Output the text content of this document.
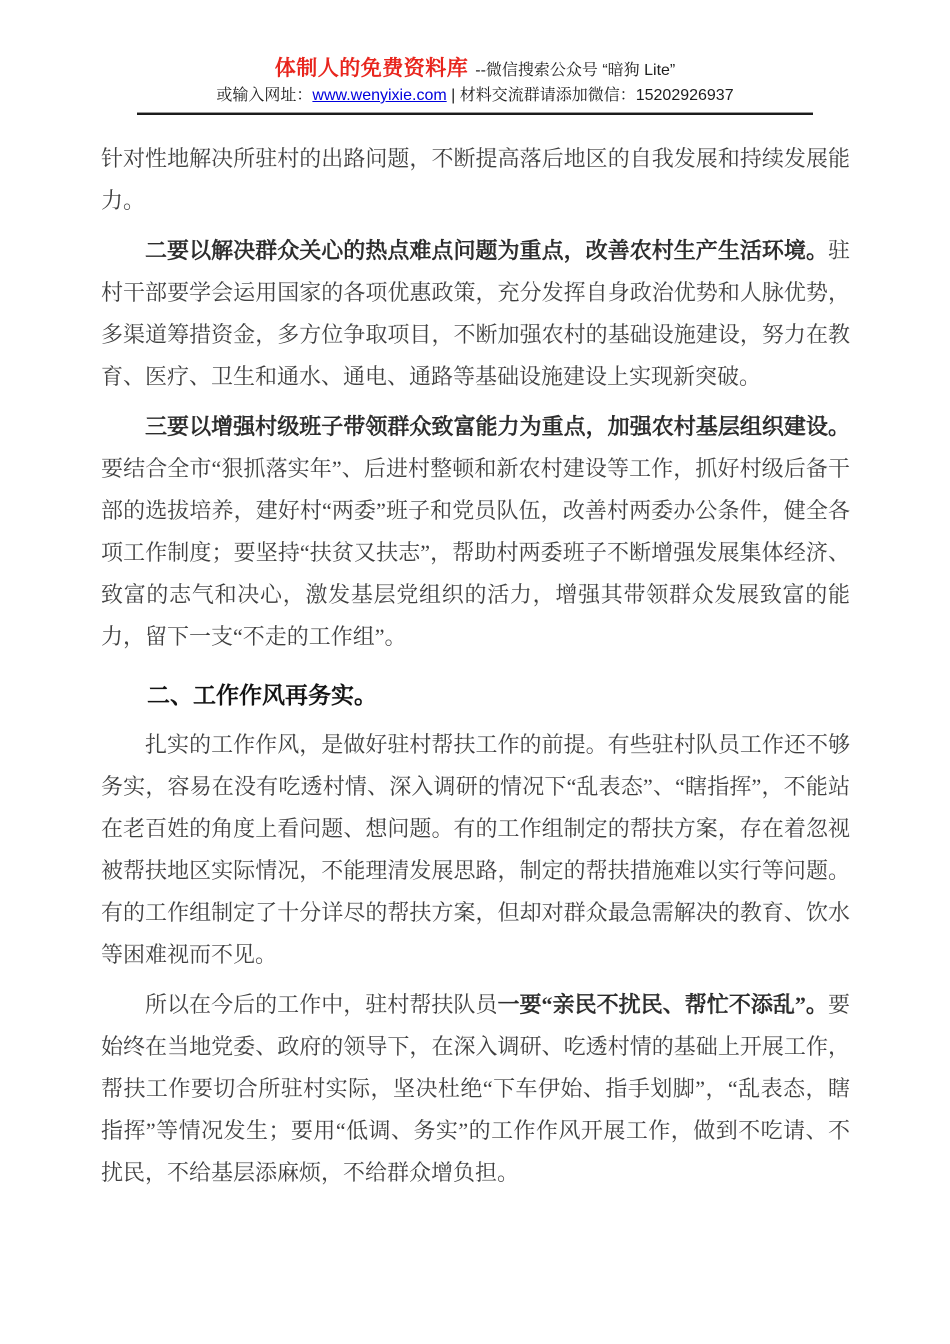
体制人的免费资料库 --微信搜索公众号 “暗狗 Lite”
或输入网址：www.wenyixie.com | 材料交流群请添加微信：15202926937

针对性地解决所驻村的出路问题，不断提高落后地区的自我发展和持续发展能力。

二要以解决群众关心的热点难点问题为重点，改善农村生产生活环境。驻村干部要学会运用国家的各项优惠政策，充分发挥自身政治优势和人脉优势，多渠道筹措资金，多方位争取项目，不断加强农村的基础设施建设，努力在教育、医疗、卫生和通水、通电、通路等基础设施建设上实现新突破。

三要以增强村级班子带领群众致富能力为重点，加强农村基层组织建设。要结合全市“狠抓落实年”、后进村整顿和新农村建设等工作，抓好村级后备干部的选拔培养，建好村“两委”班子和党员队伍，改善村两委办公条件，健全各项工作制度；要坚持“扶贫又扶志”，帮助村两委班子不断增强发展集体经济、致富的志气和决心，激发基层党组织的活力，增强其带领群众发展致富的能力，留下一支“不走的工作组”。

二、工作作风再务实。

扎实的工作作风，是做好驻村帮扶工作的前提。有些驻村队员工作还不够务实，容易在没有吃透村情、深入调研的情况下“乱表态”、“瞎指挥”，不能站在老百姓的角度上看问题、想问题。有的工作组制定的帮扶方案，存在着忽视被帮扶地区实际情况，不能理清发展思路，制定的帮扶措施难以实行等问题。有的工作组制定了十分详尽的帮扶方案，但却对群众最急需解决的教育、饮水等困难视而不见。

所以在今后的工作中，驻村帮扶队员一要“亲民不扰民、帮忙不添乱”。要始终在当地党委、政府的领导下，在深入调研、吃透村情的基础上开展工作，帮扶工作要切合所驻村实际，坚决杜绝“下车伊始、指手划脚”，“乱表态，瞎指挥”等情况发生；要用“低调、务实”的工作作风开展工作，做到不吃请、不扰民，不给基层添麻烦，不给群众增负担。
